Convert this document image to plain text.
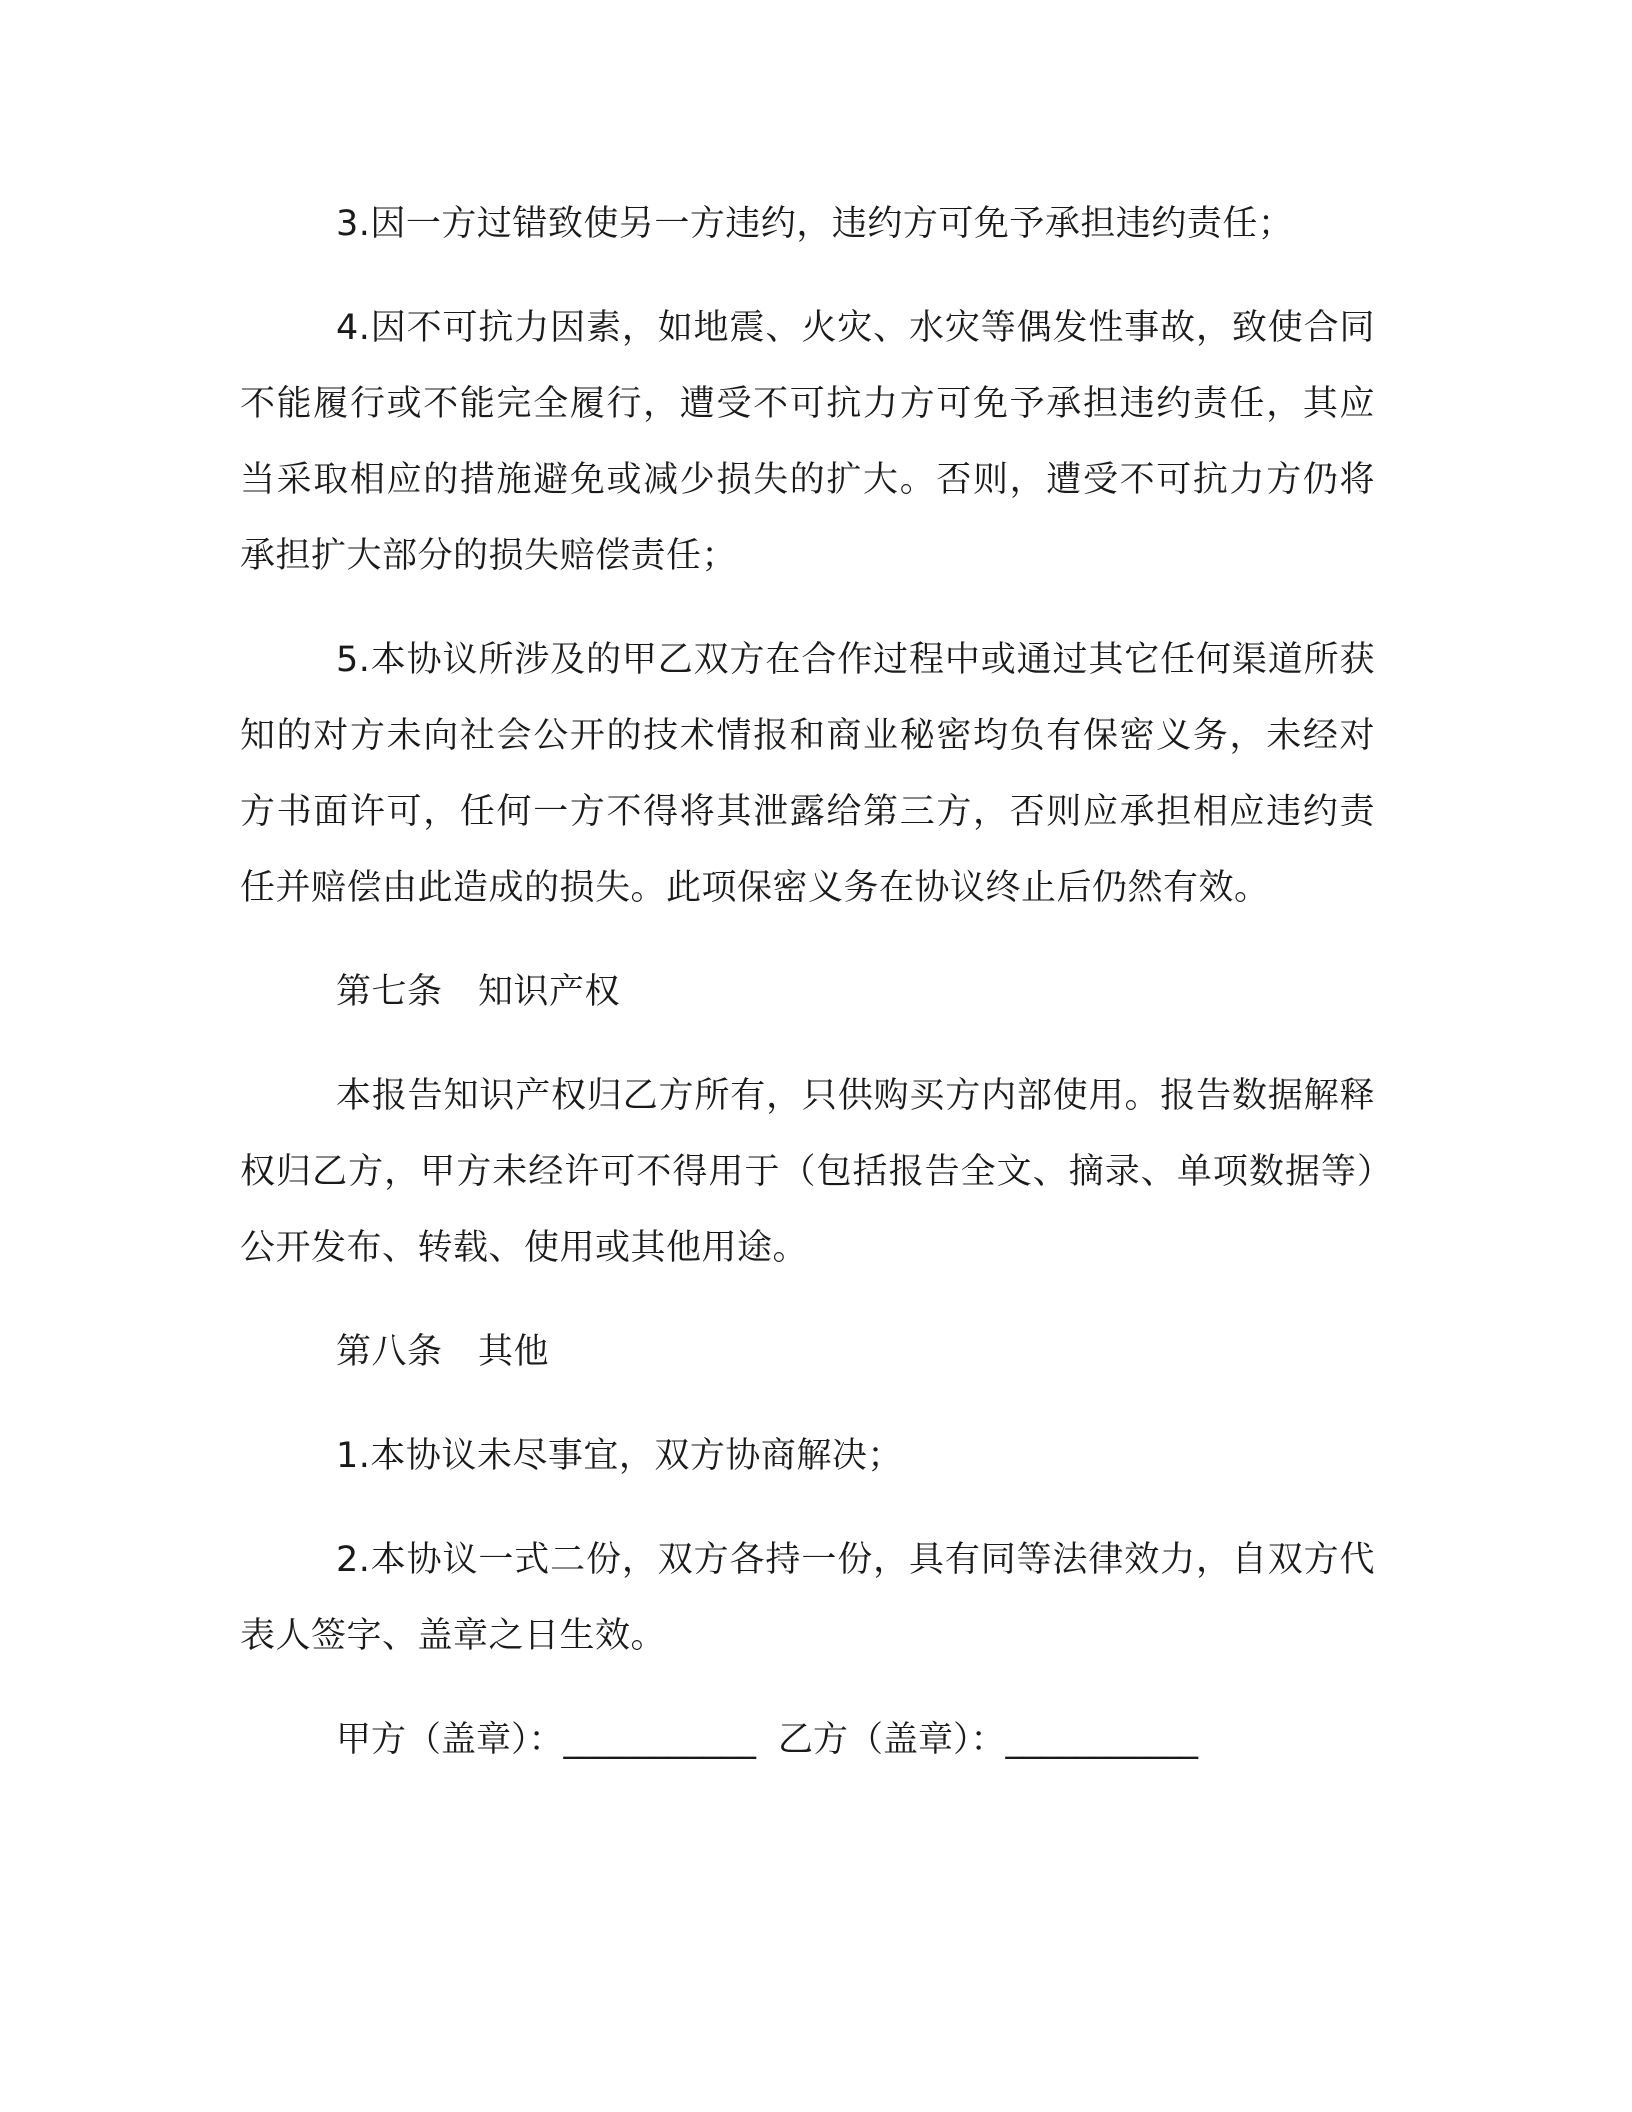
3.因一方过错致使另一方违约，违约方可免予承担违约责任；

4.因不可抗力因素，如地震、火灾、水灾等偶发性事故，致使合同不能履行或不能完全履行，遭受不可抗力方可免予承担违约责任，其应当采取相应的措施避免或减少损失的扩大。否则，遭受不可抗力方仍将承担扩大部分的损失赔偿责任；

5.本协议所涉及的甲乙双方在合作过程中或通过其它任何渠道所获知的对方未向社会公开的技术情报和商业秘密均负有保密义务，未经对方书面许可，任何一方不得将其泄露给第三方，否则应承担相应违约责任并赔偿由此造成的损失。此项保密义务在协议终止后仍然有效。

第七条　知识产权

本报告知识产权归乙方所有，只供购买方内部使用。报告数据解释权归乙方，甲方未经许可不得用于（包括报告全文、摘录、单项数据等）公开发布、转载、使用或其他用途。

第八条　其他

1.本协议未尽事宜，双方协商解决；

2.本协议一式二份，双方各持一份，具有同等法律效力，自双方代表人签字、盖章之日生效。

甲方（盖章）：___________ 乙方（盖章）：___________
